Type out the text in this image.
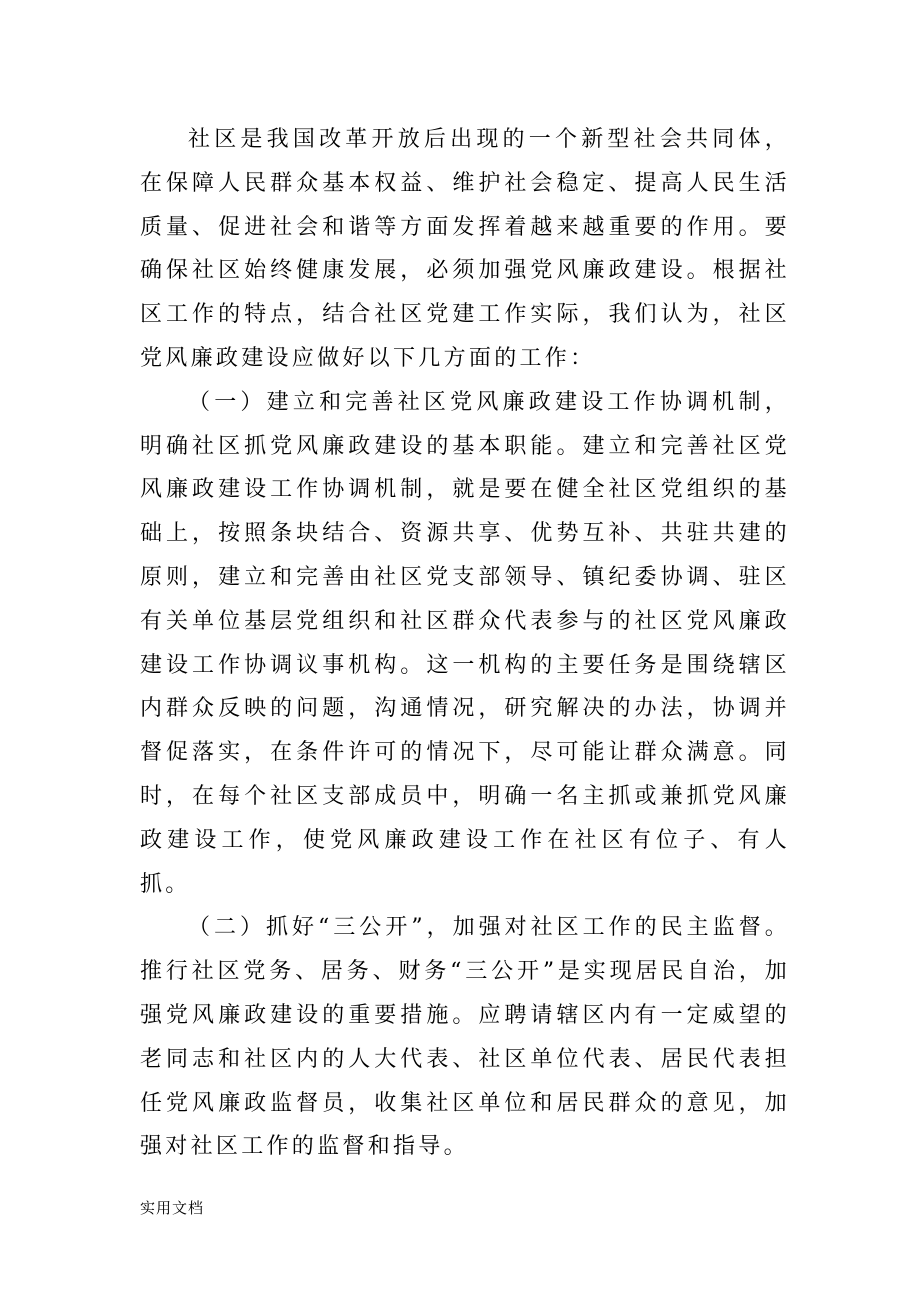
社区是我国改革开放后出现的一个新型社会共同体，在保障人民群众基本权益、维护社会稳定、提高人民生活质量、促进社会和谐等方面发挥着越来越重要的作用。要确保社区始终健康发展，必须加强党风廉政建设。根据社区工作的特点，结合社区党建工作实际，我们认为，社区党风廉政建设应做好以下几方面的工作：

（一）建立和完善社区党风廉政建设工作协调机制，明确社区抓党风廉政建设的基本职能。建立和完善社区党风廉政建设工作协调机制，就是要在健全社区党组织的基础上，按照条块结合、资源共享、优势互补、共驻共建的原则，建立和完善由社区党支部领导、镇纪委协调、驻区有关单位基层党组织和社区群众代表参与的社区党风廉政建设工作协调议事机构。这一机构的主要任务是围绕辖区内群众反映的问题，沟通情况，研究解决的办法，协调并督促落实，在条件许可的情况下，尽可能让群众满意。同时，在每个社区支部成员中，明确一名主抓或兼抓党风廉政建设工作，使党风廉政建设工作在社区有位子、有人抓。

（二）抓好“三公开”，加强对社区工作的民主监督。推行社区党务、居务、财务“三公开”是实现居民自治，加强党风廉政建设的重要措施。应聘请辖区内有一定威望的老同志和社区内的人大代表、社区单位代表、居民代表担任党风廉政监督员，收集社区单位和居民群众的意见，加强对社区工作的监督和指导。

实用文档
